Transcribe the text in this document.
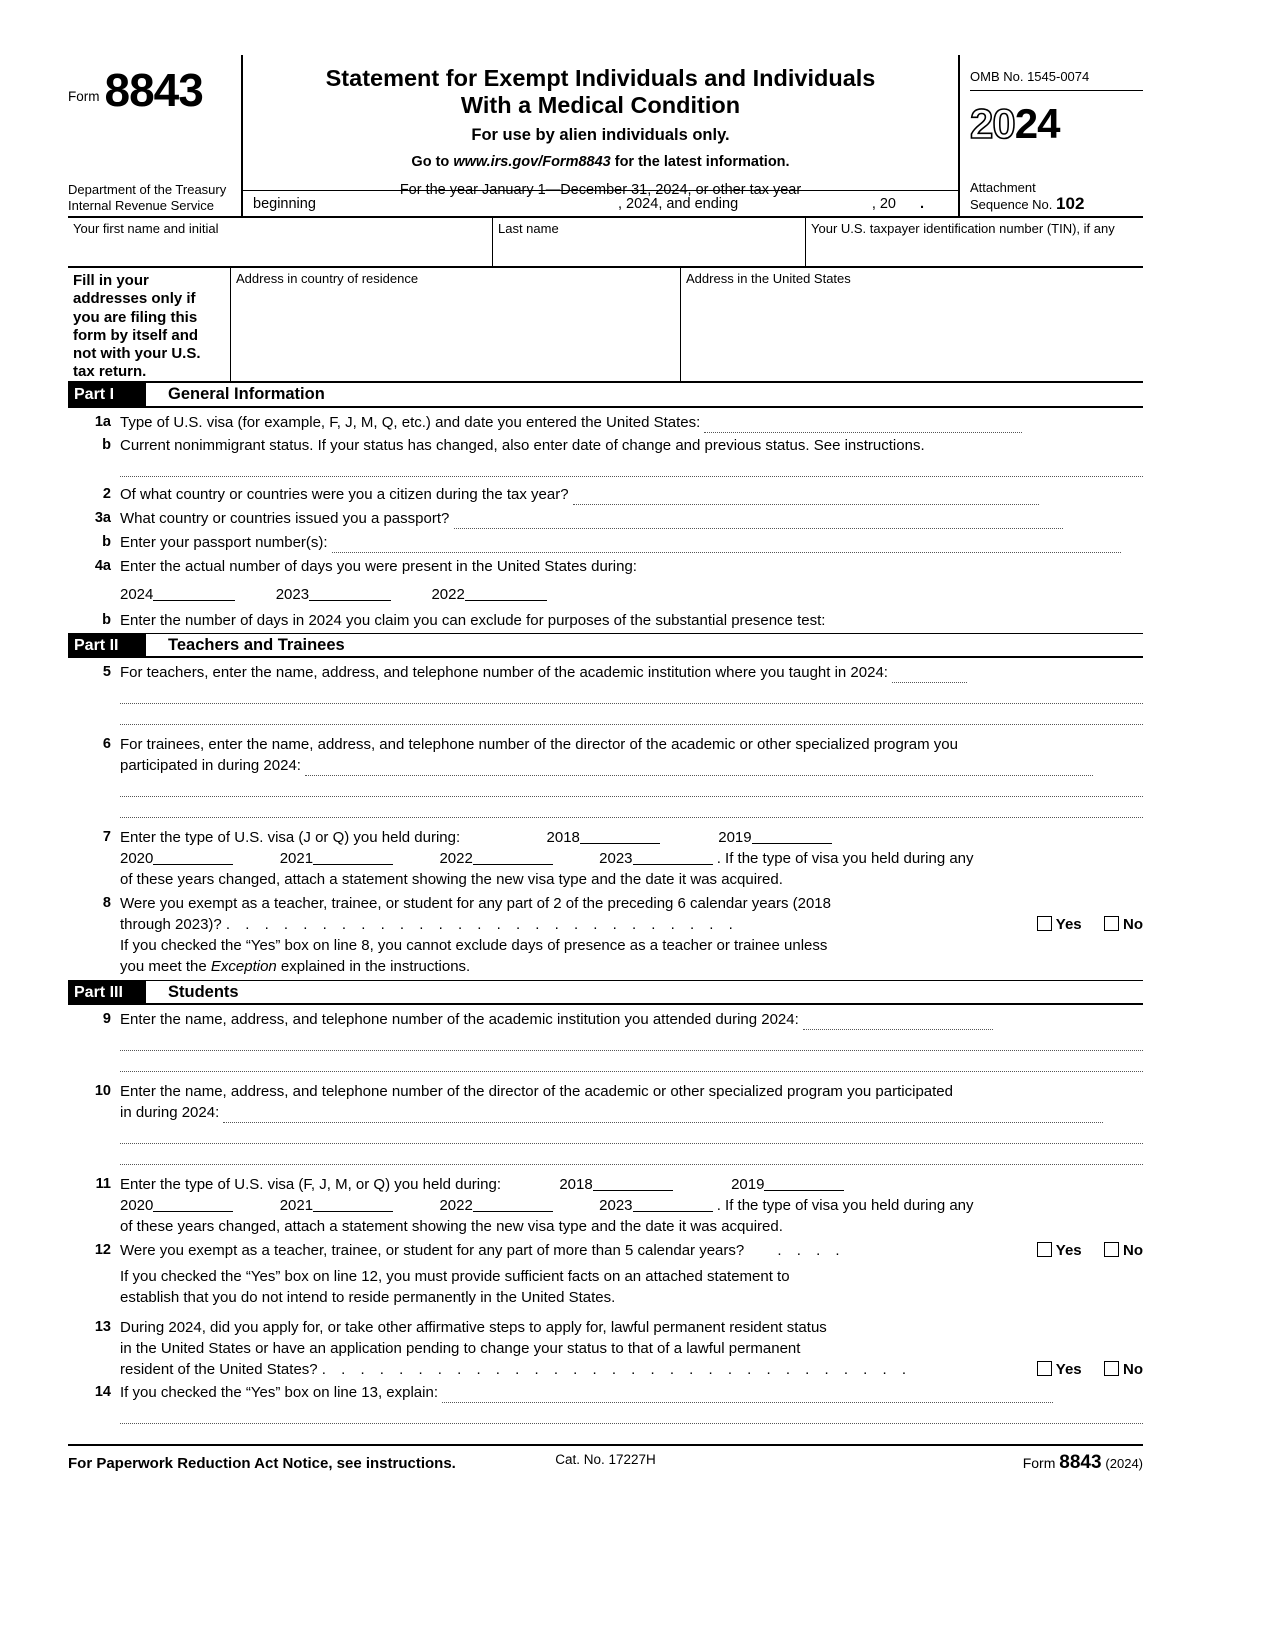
Form 8843
Department of the Treasury
Internal Revenue Service
Statement for Exempt Individuals and Individuals
With a Medical Condition
For use by alien individuals only.
Go to www.irs.gov/Form8843 for the latest information.
For the year January 1—December 31, 2024, or other tax year
beginning	, 2024, and ending	, 20 .
OMB No. 1545-0074
2024
Attachment
Sequence No. 102
Your first name and initial	Last name	Your U.S. taxpayer identification number (TIN), if any
Fill in your addresses only if you are filing this form by itself and not with your U.S. tax return.
Address in country of residence	Address in the United States
Part I	General Information
1a Type of U.S. visa (for example, F, J, M, Q, etc.) and date you entered the United States:
b Current nonimmigrant status. If your status has changed, also enter date of change and previous status. See instructions.
2 Of what country or countries were you a citizen during the tax year?
3a What country or countries issued you a passport?
b Enter your passport number(s):
4a Enter the actual number of days you were present in the United States during:
2024	2023	2022
b Enter the number of days in 2024 you claim you can exclude for purposes of the substantial presence test:
Part II	Teachers and Trainees
5 For teachers, enter the name, address, and telephone number of the academic institution where you taught in 2024:
6 For trainees, enter the name, address, and telephone number of the director of the academic or other specialized program you
participated in during 2024:
7 Enter the type of U.S. visa (J or Q) you held during:	2018	2019
2020	2021	2022	2023	. If the type of visa you held during any
of these years changed, attach a statement showing the new visa type and the date it was acquired.
8 Were you exempt as a teacher, trainee, or student for any part of 2 of the preceding 6 calendar years (2018
through 2023)? . . . . . . . . . . . . . . . . . . . . . . . . . . .	Yes	No
If you checked the “Yes” box on line 8, you cannot exclude days of presence as a teacher or trainee unless
you meet the Exception explained in the instructions.
Part III	Students
9 Enter the name, address, and telephone number of the academic institution you attended during 2024:
10 Enter the name, address, and telephone number of the director of the academic or other specialized program you participated
in during 2024:
11 Enter the type of U.S. visa (F, J, M, or Q) you held during:	2018	2019
2020	2021	2022	2023	. If the type of visa you held during any
of these years changed, attach a statement showing the new visa type and the date it was acquired.
12 Were you exempt as a teacher, trainee, or student for any part of more than 5 calendar years?    . . . .	Yes	No
If you checked the “Yes” box on line 12, you must provide sufficient facts on an attached statement to
establish that you do not intend to reside permanently in the United States.
13 During 2024, did you apply for, or take other affirmative steps to apply for, lawful permanent resident status
in the United States or have an application pending to change your status to that of a lawful permanent
resident of the United States? . . . . . . . . . . . . . . . . . . . . . . . . . . . . . . .	Yes	No
14 If you checked the “Yes” box on line 13, explain:
For Paperwork Reduction Act Notice, see instructions.	Cat. No. 17227H	Form 8843 (2024)
